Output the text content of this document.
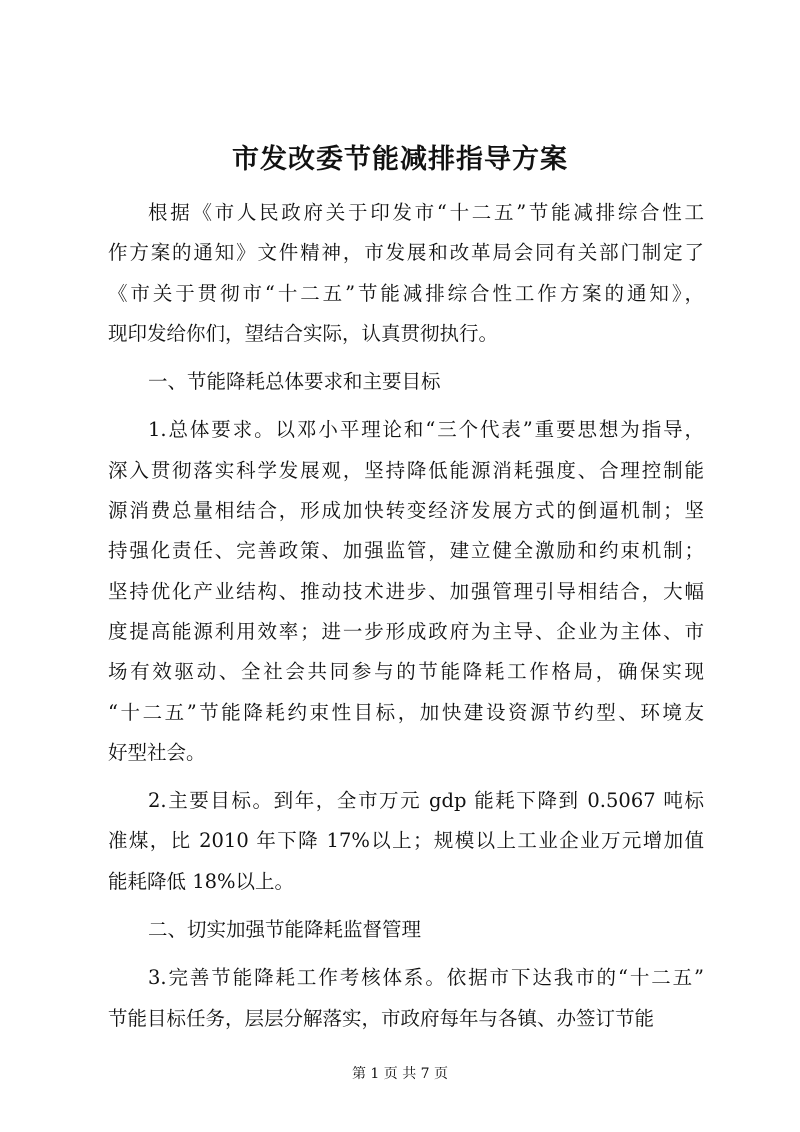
市发改委节能减排指导方案
根据《市人民政府关于印发市“十二五”节能减排综合性工
作方案的通知》文件精神，市发展和改革局会同有关部门制定了
《市关于贯彻市“十二五”节能减排综合性工作方案的通知》，
现印发给你们，望结合实际，认真贯彻执行。
一、节能降耗总体要求和主要目标
1.总体要求。以邓小平理论和“三个代表”重要思想为指导，
深入贯彻落实科学发展观，坚持降低能源消耗强度、合理控制能
源消费总量相结合，形成加快转变经济发展方式的倒逼机制；坚
持强化责任、完善政策、加强监管，建立健全激励和约束机制；
坚持优化产业结构、推动技术进步、加强管理引导相结合，大幅
度提高能源利用效率；进一步形成政府为主导、企业为主体、市
场有效驱动、全社会共同参与的节能降耗工作格局，确保实现
“十二五”节能降耗约束性目标，加快建设资源节约型、环境友
好型社会。
2.主要目标。到年，全市万元 gdp 能耗下降到 0.5067 吨标
准煤，比 2010 年下降 17%以上；规模以上工业企业万元增加值
能耗降低 18%以上。
二、切实加强节能降耗监督管理
3.完善节能降耗工作考核体系。依据市下达我市的“十二五”
节能目标任务，层层分解落实，市政府每年与各镇、办签订节能
第 1 页 共 7 页
